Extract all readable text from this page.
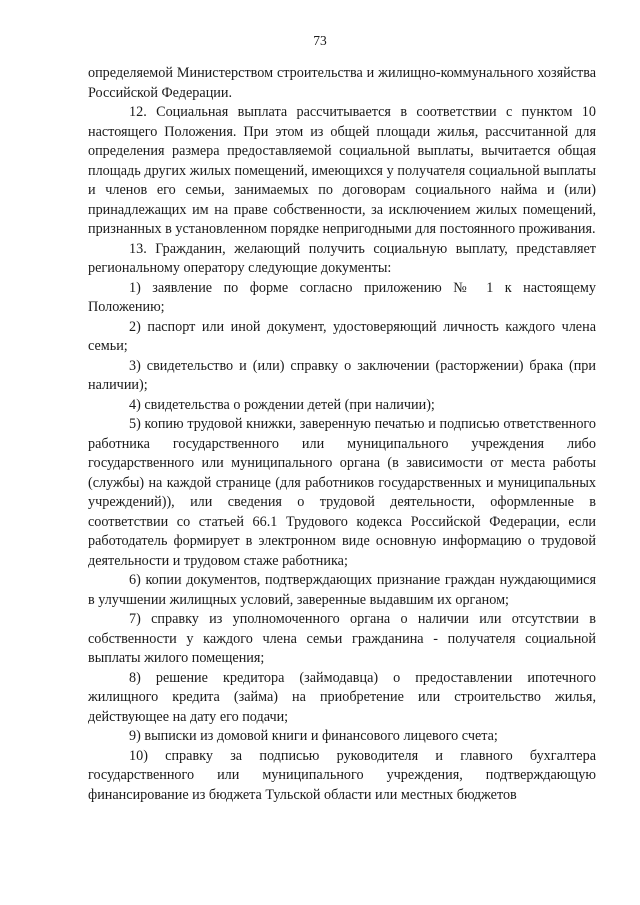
73

определяемой Министерством строительства и жилищно-коммунального хозяйства Российской Федерации.

12. Социальная выплата рассчитывается в соответствии с пунктом 10 настоящего Положения. При этом из общей площади жилья, рассчитанной для определения размера предоставляемой социальной выплаты, вычитается общая площадь других жилых помещений, имеющихся у получателя социальной выплаты и членов его семьи, занимаемых по договорам социального найма и (или) принадлежащих им на праве собственности, за исключением жилых помещений, признанных в установленном порядке непригодными для постоянного проживания.

13. Гражданин, желающий получить социальную выплату, представляет региональному оператору следующие документы:

1) заявление по форме согласно приложению № 1 к настоящему Положению;

2) паспорт или иной документ, удостоверяющий личность каждого члена семьи;

3) свидетельство и (или) справку о заключении (расторжении) брака (при наличии);

4) свидетельства о рождении детей (при наличии);

5) копию трудовой книжки, заверенную печатью и подписью ответственного работника государственного или муниципального учреждения либо государственного или муниципального органа (в зависимости от места работы (службы) на каждой странице (для работников государственных и муниципальных учреждений)), или сведения о трудовой деятельности, оформленные в соответствии со статьей 66.1 Трудового кодекса Российской Федерации, если работодатель формирует в электронном виде основную информацию о трудовой деятельности и трудовом стаже работника;

6) копии документов, подтверждающих признание граждан нуждающимися в улучшении жилищных условий, заверенные выдавшим их органом;

7) справку из уполномоченного органа о наличии или отсутствии в собственности у каждого члена семьи гражданина - получателя социальной выплаты жилого помещения;

8) решение кредитора (займодавца) о предоставлении ипотечного жилищного кредита (займа) на приобретение или строительство жилья, действующее на дату его подачи;

9) выписки из домовой книги и финансового лицевого счета;

10) справку за подписью руководителя и главного бухгалтера государственного или муниципального учреждения, подтверждающую финансирование из бюджета Тульской области или местных бюджетов
